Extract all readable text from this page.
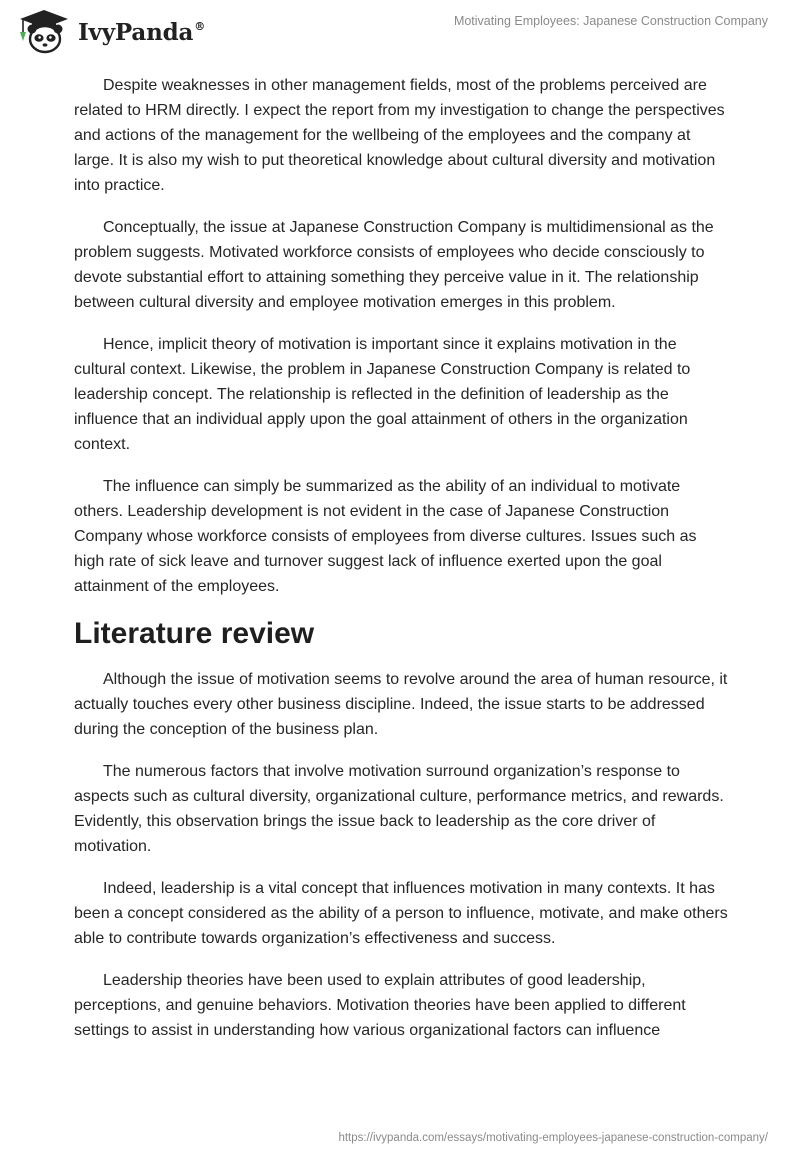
IvyPanda®	Motivating Employees: Japanese Construction Company

Despite weaknesses in other management fields, most of the problems perceived are related to HRM directly. I expect the report from my investigation to change the perspectives and actions of the management for the wellbeing of the employees and the company at large. It is also my wish to put theoretical knowledge about cultural diversity and motivation into practice.

Conceptually, the issue at Japanese Construction Company is multidimensional as the problem suggests. Motivated workforce consists of employees who decide consciously to devote substantial effort to attaining something they perceive value in it. The relationship between cultural diversity and employee motivation emerges in this problem.

Hence, implicit theory of motivation is important since it explains motivation in the cultural context. Likewise, the problem in Japanese Construction Company is related to leadership concept. The relationship is reflected in the definition of leadership as the influence that an individual apply upon the goal attainment of others in the organization context.

The influence can simply be summarized as the ability of an individual to motivate others. Leadership development is not evident in the case of Japanese Construction Company whose workforce consists of employees from diverse cultures. Issues such as high rate of sick leave and turnover suggest lack of influence exerted upon the goal attainment of the employees.

Literature review

Although the issue of motivation seems to revolve around the area of human resource, it actually touches every other business discipline. Indeed, the issue starts to be addressed during the conception of the business plan.

The numerous factors that involve motivation surround organization’s response to aspects such as cultural diversity, organizational culture, performance metrics, and rewards. Evidently, this observation brings the issue back to leadership as the core driver of motivation.

Indeed, leadership is a vital concept that influences motivation in many contexts. It has been a concept considered as the ability of a person to influence, motivate, and make others able to contribute towards organization’s effectiveness and success.

Leadership theories have been used to explain attributes of good leadership, perceptions, and genuine behaviors. Motivation theories have been applied to different settings to assist in understanding how various organizational factors can influence

https://ivypanda.com/essays/motivating-employees-japanese-construction-company/
